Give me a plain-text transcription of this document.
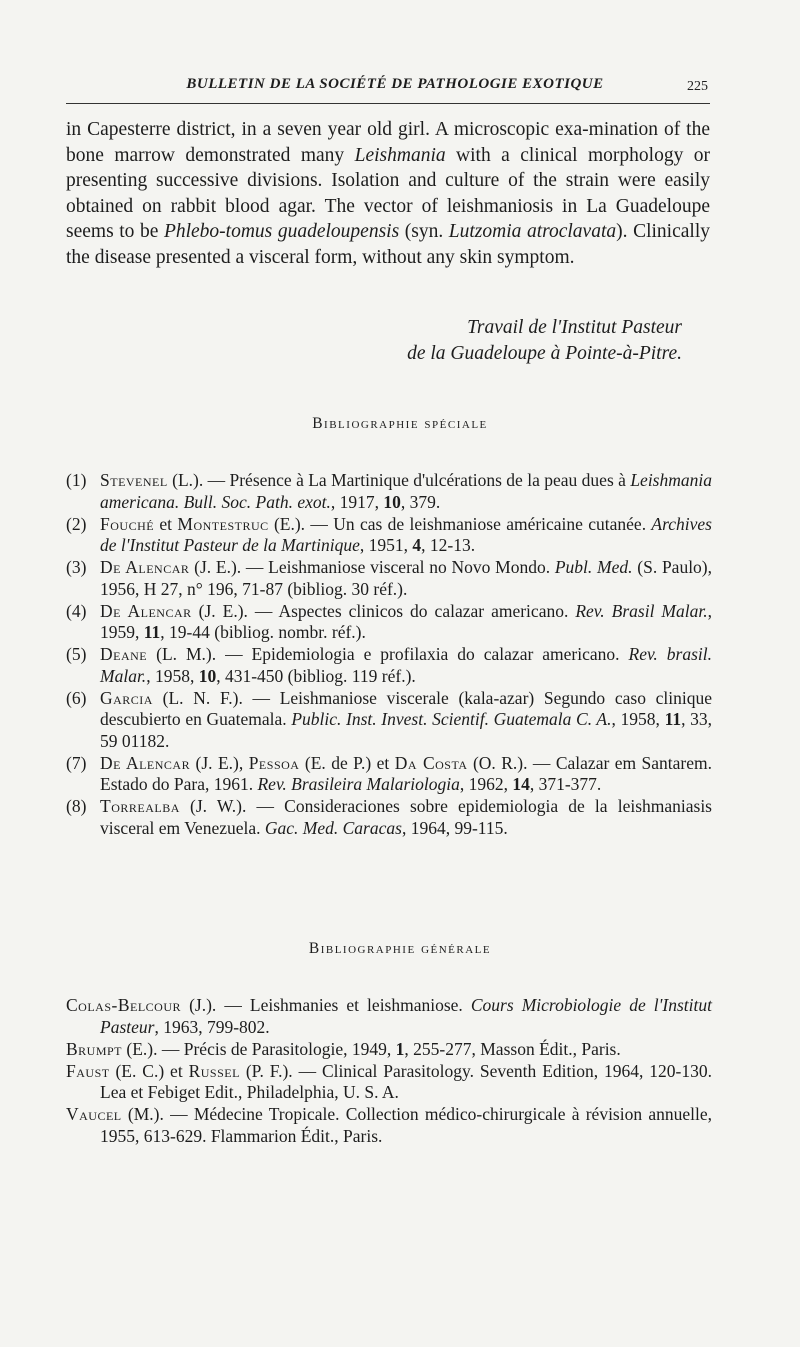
BULLETIN DE LA SOCIÉTÉ DE PATHOLOGIE EXOTIQUE	225

in Capesterre district, in a seven year old girl. A microscopic exa-mination of the bone marrow demonstrated many Leishmania with a clinical morphology or presenting successive divisions. Isolation and culture of the strain were easily obtained on rabbit blood agar. The vector of leishmaniosis in La Guadeloupe seems to be Phlebo-tomus guadeloupensis (syn. Lutzomia atroclavata). Clinically the disease presented a visceral form, without any skin symptom.

Travail de l'Institut Pasteur
de la Guadeloupe à Pointe-à-Pitre.
Bibliographie spéciale
(1) Stevenel (L.). — Présence à La Martinique d'ulcérations de la peau dues à Leishmania americana. Bull. Soc. Path. exot., 1917, 10, 379.
(2) Fouché et Montestruc (E.). — Un cas de leishmaniose américaine cutanée. Archives de l'Institut Pasteur de la Martinique, 1951, 4, 12-13.
(3) De Alencar (J. E.). — Leishmaniose visceral no Novo Mondo. Publ. Med. (S. Paulo), 1956, H 27, n° 196, 71-87 (bibliog. 30 réf.).
(4) De Alencar (J. E.). — Aspectes clinicos do calazar americano. Rev. Brasil Malar., 1959, 11, 19-44 (bibliog. nombr. réf.).
(5) Deane (L. M.). — Epidemiologia e profilaxia do calazar americano. Rev. brasil. Malar., 1958, 10, 431-450 (bibliog. 119 réf.).
(6) Garcia (L. N. F.). — Leishmaniose viscerale (kala-azar) Segundo caso clinique descubierto en Guatemala. Public. Inst. Invest. Scientif. Guatemala C. A., 1958, 11, 33, 59 01182.
(7) De Alencar (J. E.), Pessoa (E. de P.) et Da Costa (O. R.). — Calazar em Santarem. Estado do Para, 1961. Rev. Brasileira Malariologia, 1962, 14, 371-377.
(8) Torrealba (J. W.). — Consideraciones sobre epidemiologia de la leishmaniasis visceral em Venezuela. Gac. Med. Caracas, 1964, 99-115.
Bibliographie générale
Colas-Belcour (J.). — Leishmanies et leishmaniose. Cours Microbiologie de l'Institut Pasteur, 1963, 799-802.
Brumpt (E.). — Précis de Parasitologie, 1949, 1, 255-277, Masson Édit., Paris.
Faust (E. C.) et Russel (P. F.). — Clinical Parasitology. Seventh Edition, 1964, 120-130. Lea et Febiget Edit., Philadelphia, U. S. A.
Vaucel (M.). — Médecine Tropicale. Collection médico-chirurgicale à révision annuelle, 1955, 613-629. Flammarion Édit., Paris.
